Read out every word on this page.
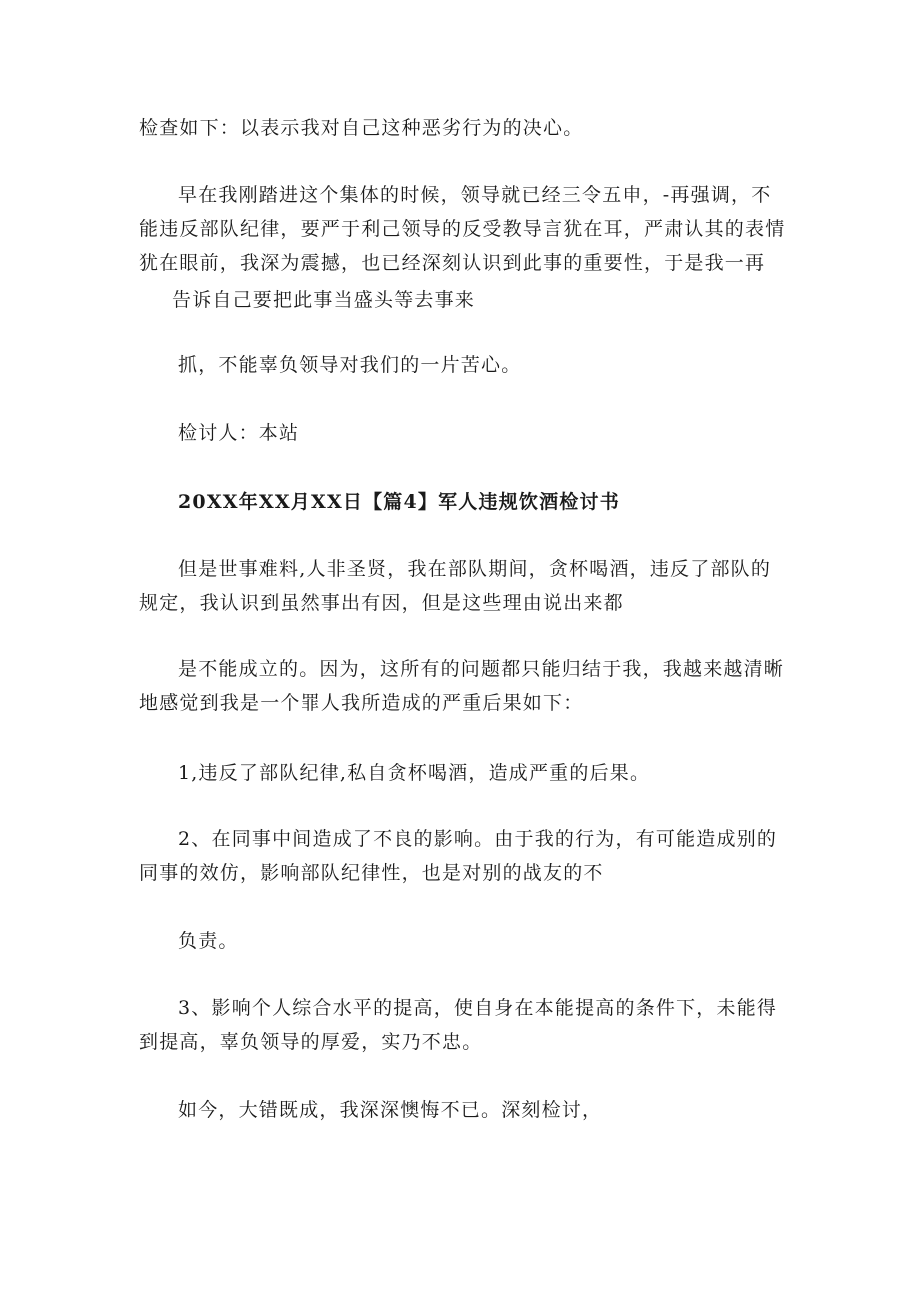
检查如下：以表示我对自己这种恶劣行为的决心。

早在我刚踏进这个集体的时候，领导就已经三令五申，-再强调，不

能违反部队纪律，要严于利己领导的反受教导言犹在耳，严肃认其的表情

犹在眼前，我深为震撼，也已经深刻认识到此事的重要性，于是我一再

告诉自己要把此事当盛头等去事来

抓，不能辜负领导对我们的一片苦心。

检讨人：本站

20XX年XX月XX日【篇4】军人违规饮酒检讨书

但是世事难料,人非圣贤，我在部队期间，贪杯喝酒，违反了部队的

规定，我认识到虽然事出有因，但是这些理由说出来都

是不能成立的。因为，这所有的问题都只能归结于我，我越来越清晰

地感觉到我是一个罪人我所造成的严重后果如下：

1,违反了部队纪律,私自贪杯喝酒，造成严重的后果。

2、在同事中间造成了不良的影响。由于我的行为，有可能造成别的

同事的效仿，影响部队纪律性，也是对别的战友的不

负责。

3、影响个人综合水平的提高，使自身在本能提高的条件下，未能得

到提高，辜负领导的厚爱，实乃不忠。

如今，大错既成，我深深懊悔不已。深刻检讨，
